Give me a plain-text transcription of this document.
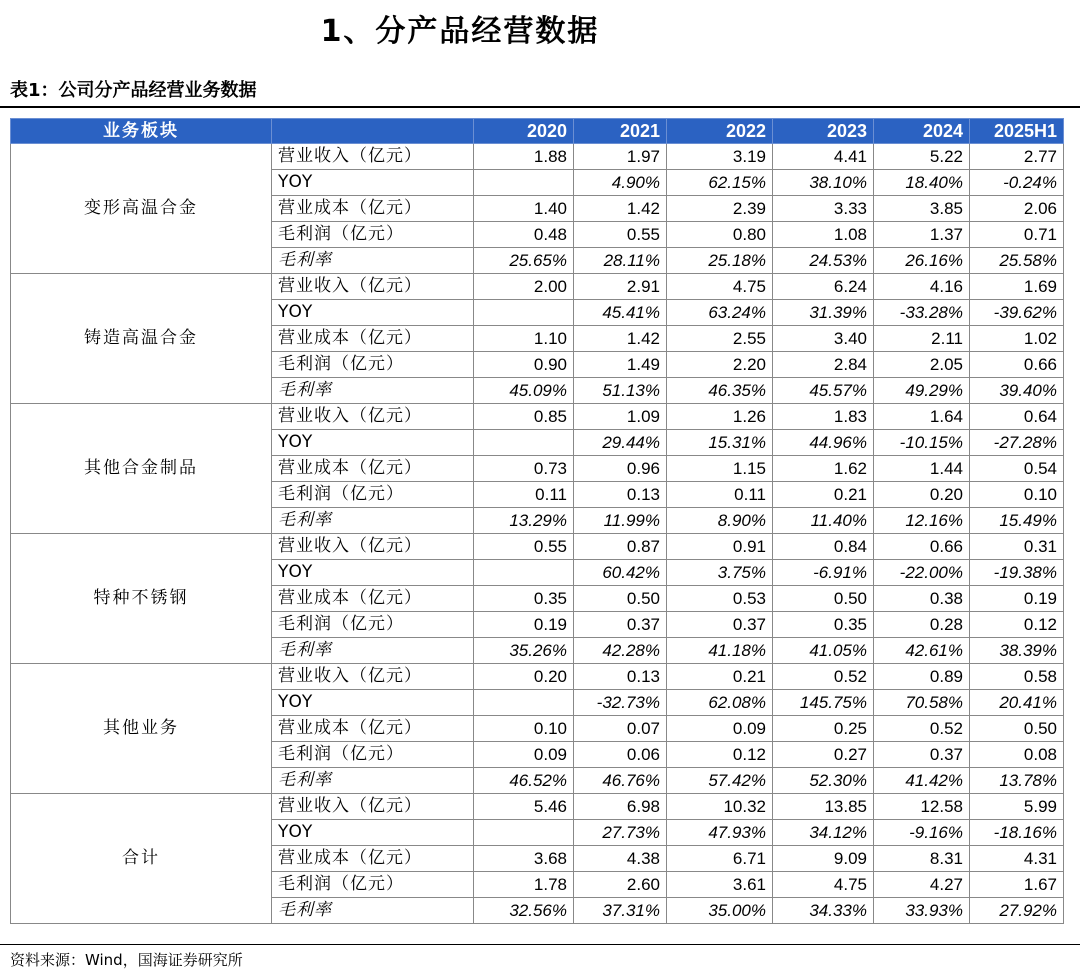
1、分产品经营数据
表1：公司分产品经营业务数据
业务板块		2020	2021	2022	2023	2024	2025H1
变形高温合金	营业收入（亿元）	1.88	1.97	3.19	4.41	5.22	2.77
	YOY		4.90%	62.15%	38.10%	18.40%	-0.24%
	营业成本（亿元）	1.40	1.42	2.39	3.33	3.85	2.06
	毛利润（亿元）	0.48	0.55	0.80	1.08	1.37	0.71
	毛利率	25.65%	28.11%	25.18%	24.53%	26.16%	25.58%
铸造高温合金	营业收入（亿元）	2.00	2.91	4.75	6.24	4.16	1.69
	YOY		45.41%	63.24%	31.39%	-33.28%	-39.62%
	营业成本（亿元）	1.10	1.42	2.55	3.40	2.11	1.02
	毛利润（亿元）	0.90	1.49	2.20	2.84	2.05	0.66
	毛利率	45.09%	51.13%	46.35%	45.57%	49.29%	39.40%
其他合金制品	营业收入（亿元）	0.85	1.09	1.26	1.83	1.64	0.64
	YOY		29.44%	15.31%	44.96%	-10.15%	-27.28%
	营业成本（亿元）	0.73	0.96	1.15	1.62	1.44	0.54
	毛利润（亿元）	0.11	0.13	0.11	0.21	0.20	0.10
	毛利率	13.29%	11.99%	8.90%	11.40%	12.16%	15.49%
特种不锈钢	营业收入（亿元）	0.55	0.87	0.91	0.84	0.66	0.31
	YOY		60.42%	3.75%	-6.91%	-22.00%	-19.38%
	营业成本（亿元）	0.35	0.50	0.53	0.50	0.38	0.19
	毛利润（亿元）	0.19	0.37	0.37	0.35	0.28	0.12
	毛利率	35.26%	42.28%	41.18%	41.05%	42.61%	38.39%
其他业务	营业收入（亿元）	0.20	0.13	0.21	0.52	0.89	0.58
	YOY		-32.73%	62.08%	145.75%	70.58%	20.41%
	营业成本（亿元）	0.10	0.07	0.09	0.25	0.52	0.50
	毛利润（亿元）	0.09	0.06	0.12	0.27	0.37	0.08
	毛利率	46.52%	46.76%	57.42%	52.30%	41.42%	13.78%
合计	营业收入（亿元）	5.46	6.98	10.32	13.85	12.58	5.99
	YOY		27.73%	47.93%	34.12%	-9.16%	-18.16%
	营业成本（亿元）	3.68	4.38	6.71	9.09	8.31	4.31
	毛利润（亿元）	1.78	2.60	3.61	4.75	4.27	1.67
	毛利率	32.56%	37.31%	35.00%	34.33%	33.93%	27.92%
资料来源：Wind，国海证券研究所
